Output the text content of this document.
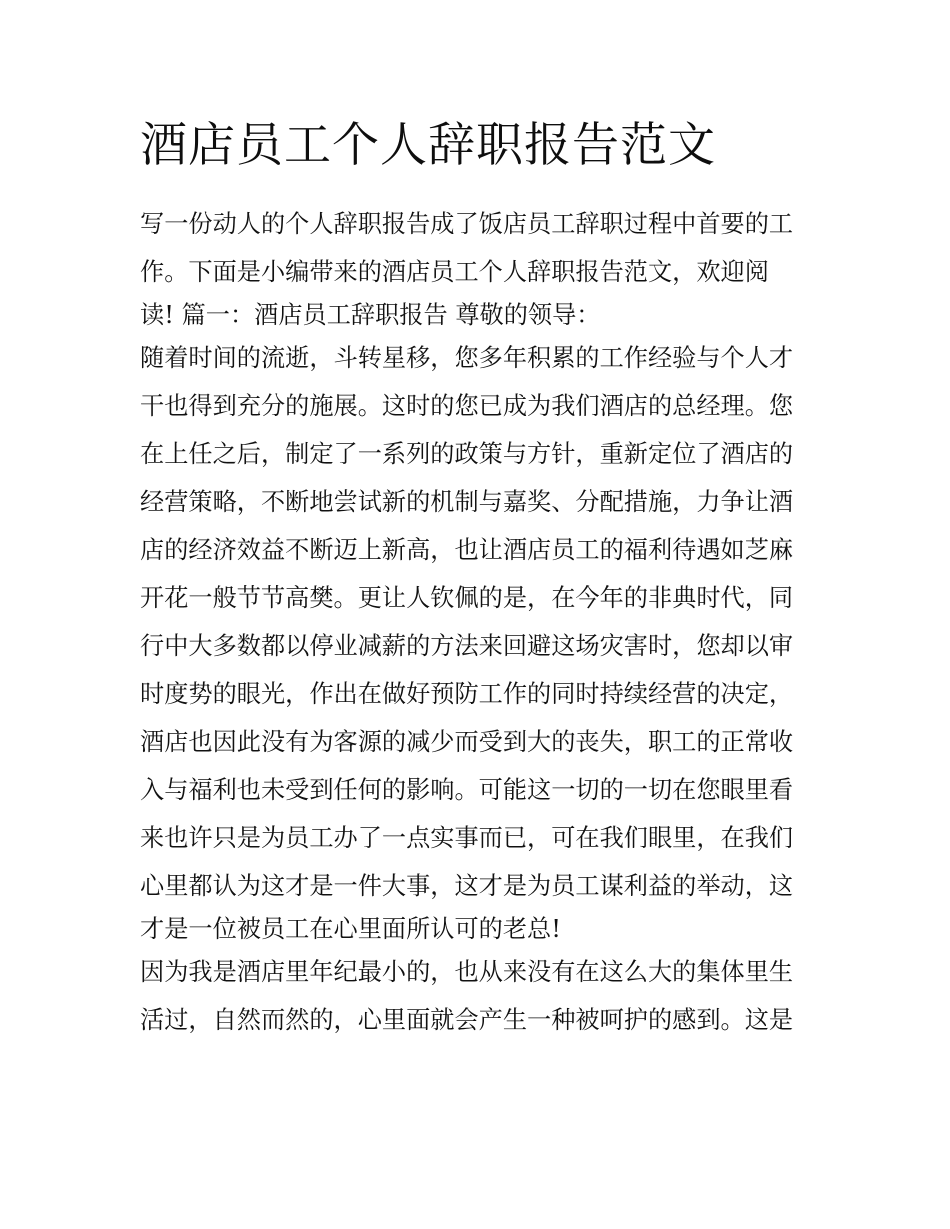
酒店员工个人辞职报告范文
写一份动人的个人辞职报告成了饭店员工辞职过程中首要的工
作。下面是小编带来的酒店员工个人辞职报告范文，欢迎阅
读! 篇一：酒店员工辞职报告 尊敬的领导：
随着时间的流逝，斗转星移，您多年积累的工作经验与个人才
干也得到充分的施展。这时的您已成为我们酒店的总经理。您
在上任之后，制定了一系列的政策与方针，重新定位了酒店的
经营策略，不断地尝试新的机制与嘉奖、分配措施，力争让酒
店的经济效益不断迈上新高，也让酒店员工的福利待遇如芝麻
开花一般节节高樊。更让人钦佩的是，在今年的非典时代，同
行中大多数都以停业减薪的方法来回避这场灾害时，您却以审
时度势的眼光，作出在做好预防工作的同时持续经营的决定，
酒店也因此没有为客源的减少而受到大的丧失，职工的正常收
入与福利也未受到任何的影响。可能这一切的一切在您眼里看
来也许只是为员工办了一点实事而已，可在我们眼里，在我们
心里都认为这才是一件大事，这才是为员工谋利益的举动，这
才是一位被员工在心里面所认可的老总!
因为我是酒店里年纪最小的，也从来没有在这么大的集体里生
活过，自然而然的，心里面就会产生一种被呵护的感到。这是
